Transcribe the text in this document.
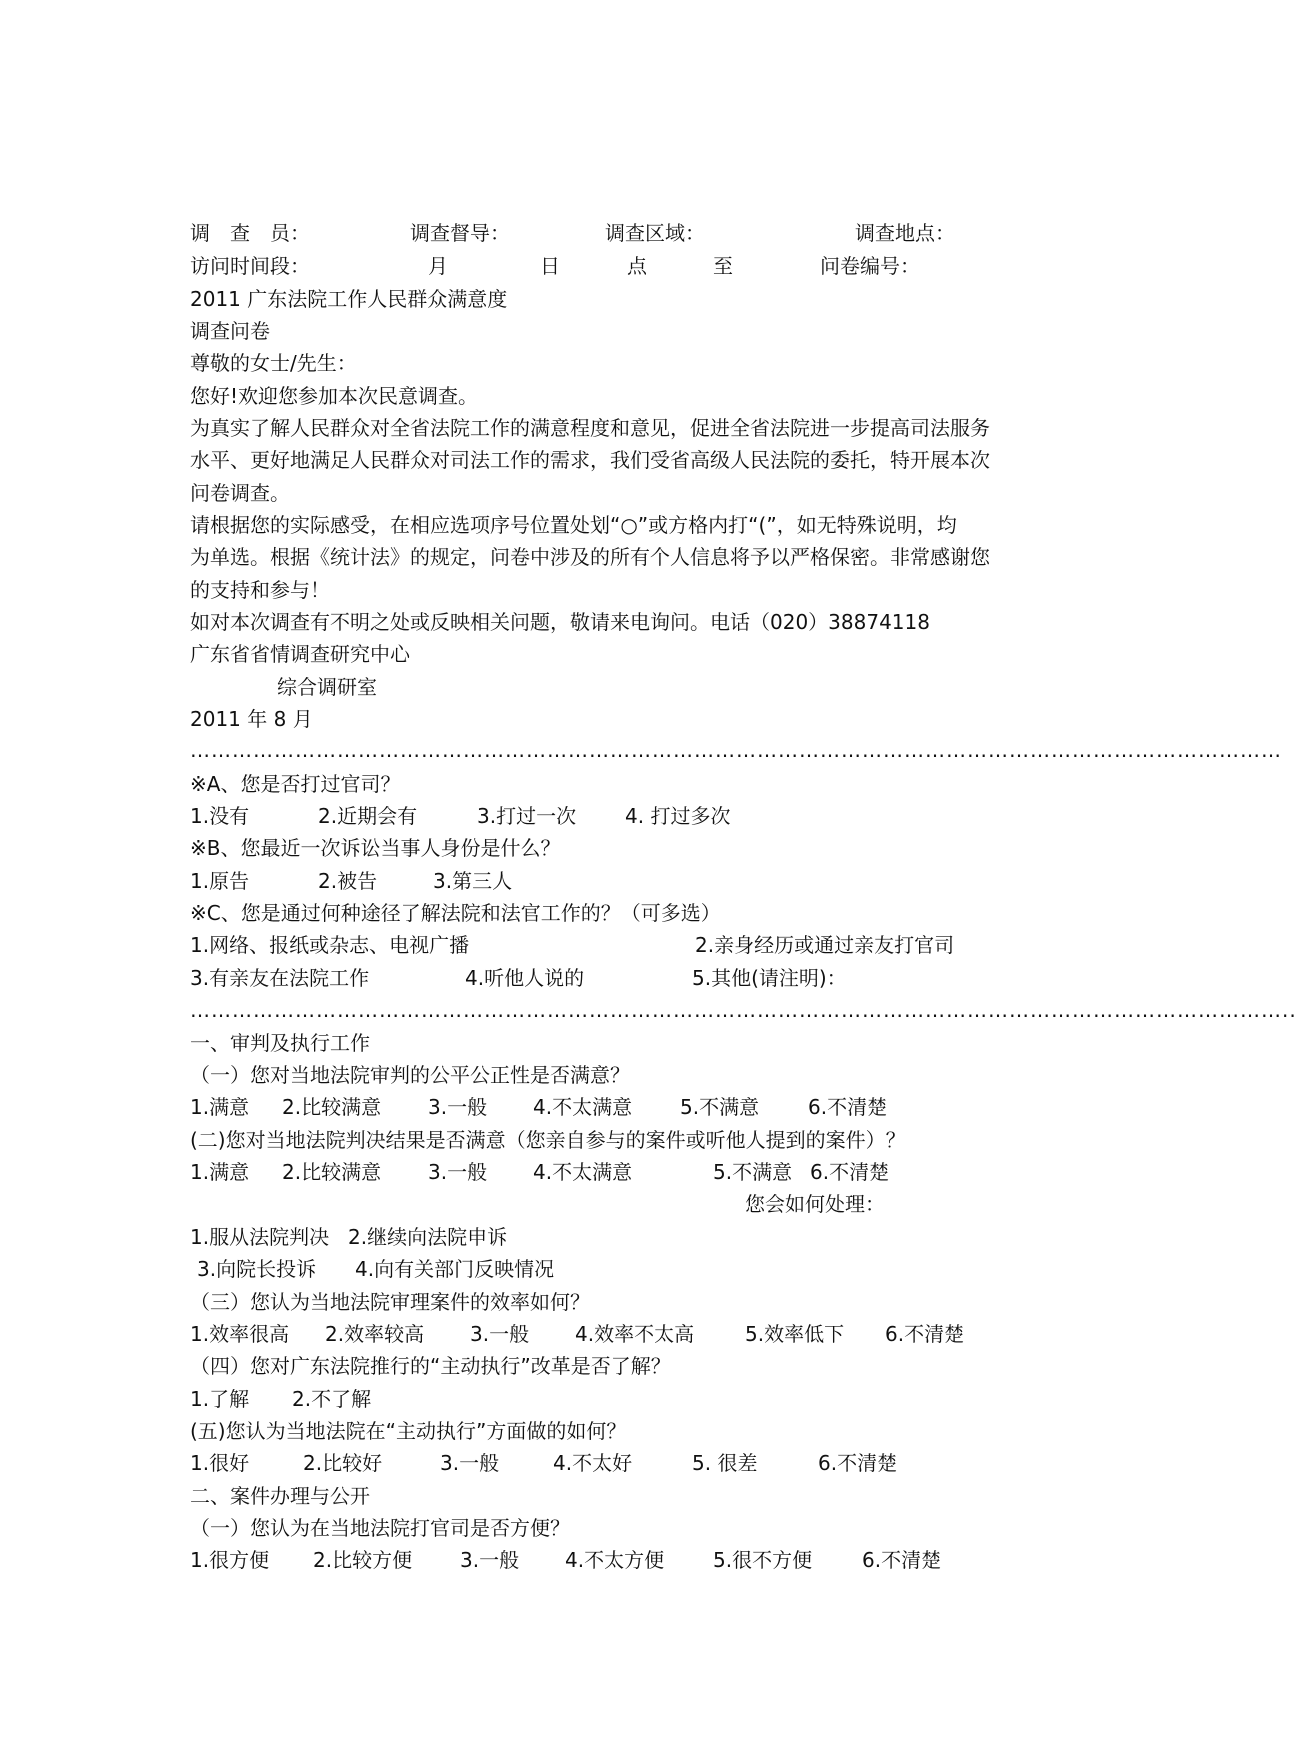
调　查　员：	调查督导：	调查区域：	调查地点：
访问时间段：	月	日	点	至	问卷编号：
2011 广东法院工作人民群众满意度
调查问卷
尊敬的女士/先生：
您好!欢迎您参加本次民意调查。
为真实了解人民群众对全省法院工作的满意程度和意见，促进全省法院进一步提高司法服务
水平、更好地满足人民群众对司法工作的需求，我们受省高级人民法院的委托，特开展本次
问卷调查。
请根据您的实际感受，在相应选项序号位置处划“○”或方格内打“(”，如无特殊说明，均
为单选。根据《统计法》的规定，问卷中涉及的所有个人信息将予以严格保密。非常感谢您
的支持和参与！
如对本次调查有不明之处或反映相关问题，敬请来电询问。电话（020）38874118
广东省省情调查研究中心
综合调研室
2011 年 8 月
…………………………………………………………………………………………………………………………………………
※A、您是否打过官司？
1.没有	2.近期会有	3.打过一次 4. 打过多次
※B、您最近一次诉讼当事人身份是什么？
1.原告	2.被告	3.第三人
※C、您是通过何种途径了解法院和法官工作的？（可多选）
1.网络、报纸或杂志、电视广播	2.亲身经历或通过亲友打官司
3.有亲友在法院工作	4.听他人说的	5.其他(请注明)：
…………………………………………………………………………………………………………………………………………..
一、审判及执行工作
（一）您对当地法院审判的公平公正性是否满意？
1.满意 2.比较满意 3.一般 4.不太满意 5.不满意 6.不清楚
(二)您对当地法院判决结果是否满意（您亲自参与的案件或听他人提到的案件）？
1.满意 2.比较满意 3.一般 4.不太满意	5.不满意 6.不清楚
您会如何处理：
1.服从法院判决 2.继续向法院申诉
3.向院长投诉 4.向有关部门反映情况
（三）您认为当地法院审理案件的效率如何？
1.效率很高 2.效率较高 3.一般 4.效率不太高	5.效率低下 6.不清楚
（四）您对广东法院推行的“主动执行”改革是否了解？
1.了解 2.不了解
(五)您认为当地法院在“主动执行”方面做的如何？
1.很好	2.比较好	3.一般	4.不太好	5. 很差	6.不清楚
二、案件办理与公开
（一）您认为在当地法院打官司是否方便？
1.很方便 2.比较方便 3.一般 4.不太方便 5.很不方便 6.不清楚
